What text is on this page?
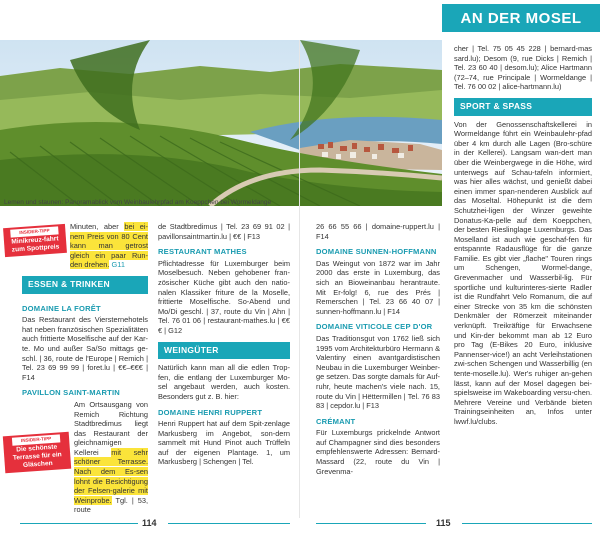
AN DER MOSEL
Lemen und staunen: Panoramablick vom Weinbaulehrpfad am Koeppchen bei Wormeldange
INSIDER-TIPP
Minikreuz-fahrt zum Spottpreis
INSIDER-TIPP
Die schönste Terrasse für ein Gläschen

Minuten, aber bei ei-nem Preis von 80 Cent kann man getrost gleich ein paar Run-den drehen. G11

ESSEN & TRINKEN
DOMAINE LA FORÊT

Das Restaurant des Viersternehotels hat neben französischen Spezialitäten auch frittierte Moselfische auf der Kar-te. Mo und außer Sa/So mittags ge-schl. | 36, route de l'Europe | Remich | Tel. 23 69 99 99 | foret.lu | €€–€€€ | F14

PAVILLON SAINT-MARTIN

Am Ortsausgang von Remich Richtung Stadtbredimus liegt das Restaurant der gleichnamigen Kellerei mit sehr schöner Terrasse. Nach dem Es-sen lohnt die Besichtigung der Felsen-galerie mit Weinprobe. Tgl. | 53, route

de Stadtbredimus | Tel. 23 69 91 02 | pavillonsaintmartin.lu | €€ | F13

RESTAURANT MATHES

Pflichtadresse für Luxemburger beim Moselbesuch. Neben gehobener fran-zösischer Küche gibt auch den natio-nalen Klassiker friture de la Moselle, frittierte Moselfische. So-Abend und Mo/Di geschl. | 37, route du Vin | Ahn | Tel. 76 01 06 | restaurant-mathes.lu | €€€ | G12

WEINGÜTER

Natürlich kann man all die edlen Trop-fen, die entlang der Luxemburger Mo-sel angebaut werden, auch kosten. Besonders gut z. B. hier:

DOMAINE HENRI RUPPERT

Henri Ruppert hat auf dem Spit-zenlage Markusberg im Angebot, son-dern sammelt mit Hund Pinot auch Trüffeln auf der eigenen Plantage. 1, um Markusberg | Schengen | Tel.

26 66 55 66 | domaine-ruppert.lu | F14

DOMAINE SUNNEN-HOFFMANN

Das Weingut von 1872 war im Jahr 2000 das erste in Luxemburg, das sich an Bioweinanbau herantraute. Mit Er-folg! 6, rue des Prés | Remerschen | Tel. 23 66 40 07 | sunnen-hoffmann.lu | F14

DOMAINE VITICOLE CEP D'OR

Das Traditionsgut von 1762 ließ sich 1995 vom Architekturbüro Hermann & Valentiny einen avantgardistischen Neubau in die Luxemburger Weinber-ge setzen. Das sorgte damals für Auf-ruhr, heute machen's viele nach. 15, route du Vin | Hëttermillen | Tel. 76 83 83 | cepdor.lu | F13

CRÉMANT

Für Luxemburgs prickelnde Antwort auf Champagner sind dies besonders empfehlenswerte Adressen: Bernard-Massard (22, route du Vin | Grevenma-

cher | Tel. 75 05 45 228 | bernard-mas sard.lu); Desom (9, rue Dicks | Remich | Tel. 23 60 40 | desom.lu); Alice Hartmann (72–74, rue Principale | Wormeldange | Tel. 76 00 02 | alice-hartmann.lu)

SPORT & SPASS

Von der Genossenschaftskellerei in Wormeldange führt ein Weinbaulehr-pfad über 4 km durch alle Lagen (Bro-schüre in der Kellerei). Langsam wan-dert man über die Weinbergwege in die Höhe, wird unterwegs auf Schau-tafeln informiert, was hier alles wächst, und genießt dabei einen immer span-nenderen Ausblick auf das Moseltal. Höhepunkt ist die dem Schutzhei-ligen der Winzer geweihte Donatus-Ka-pelle auf dem Koeppchen, der besten Rieslinglage Luxemburgs. Das Moselland ist auch wie geschaf-fen für entspannte Radausflüge für die ganze Familie. Es gibt vier „flache" Touren rings um Schengen, Wormel-dange, Grevenmacher und Wasserbil-lig. Für sportliche und kulturinteres-sierte Radler ist die Rundfahrt Velo Romanum, die auf einer Strecke von 35 km die schönsten Denkmäler der Römerzeit miteinander verknüpft. Treikräftige für Erwachsene und Kin-der bekommt man ab 12 Euro pro Tag (E-Bikes 20 Euro, inklusive Pannenser-vice!) an acht Verleihstationen zwi-schen Schengen und Wasserbillig (en tente-moselle.lu). Wer's ruhiger an-gehen lässt, kann auf der Mosel dagegen bei-spielsweise im Wakeboarding versu-chen. Mehrere Vereine und Verbände bieten Trainingseinheiten an, Infos unter lwwf.lu/clubs.

114	115
